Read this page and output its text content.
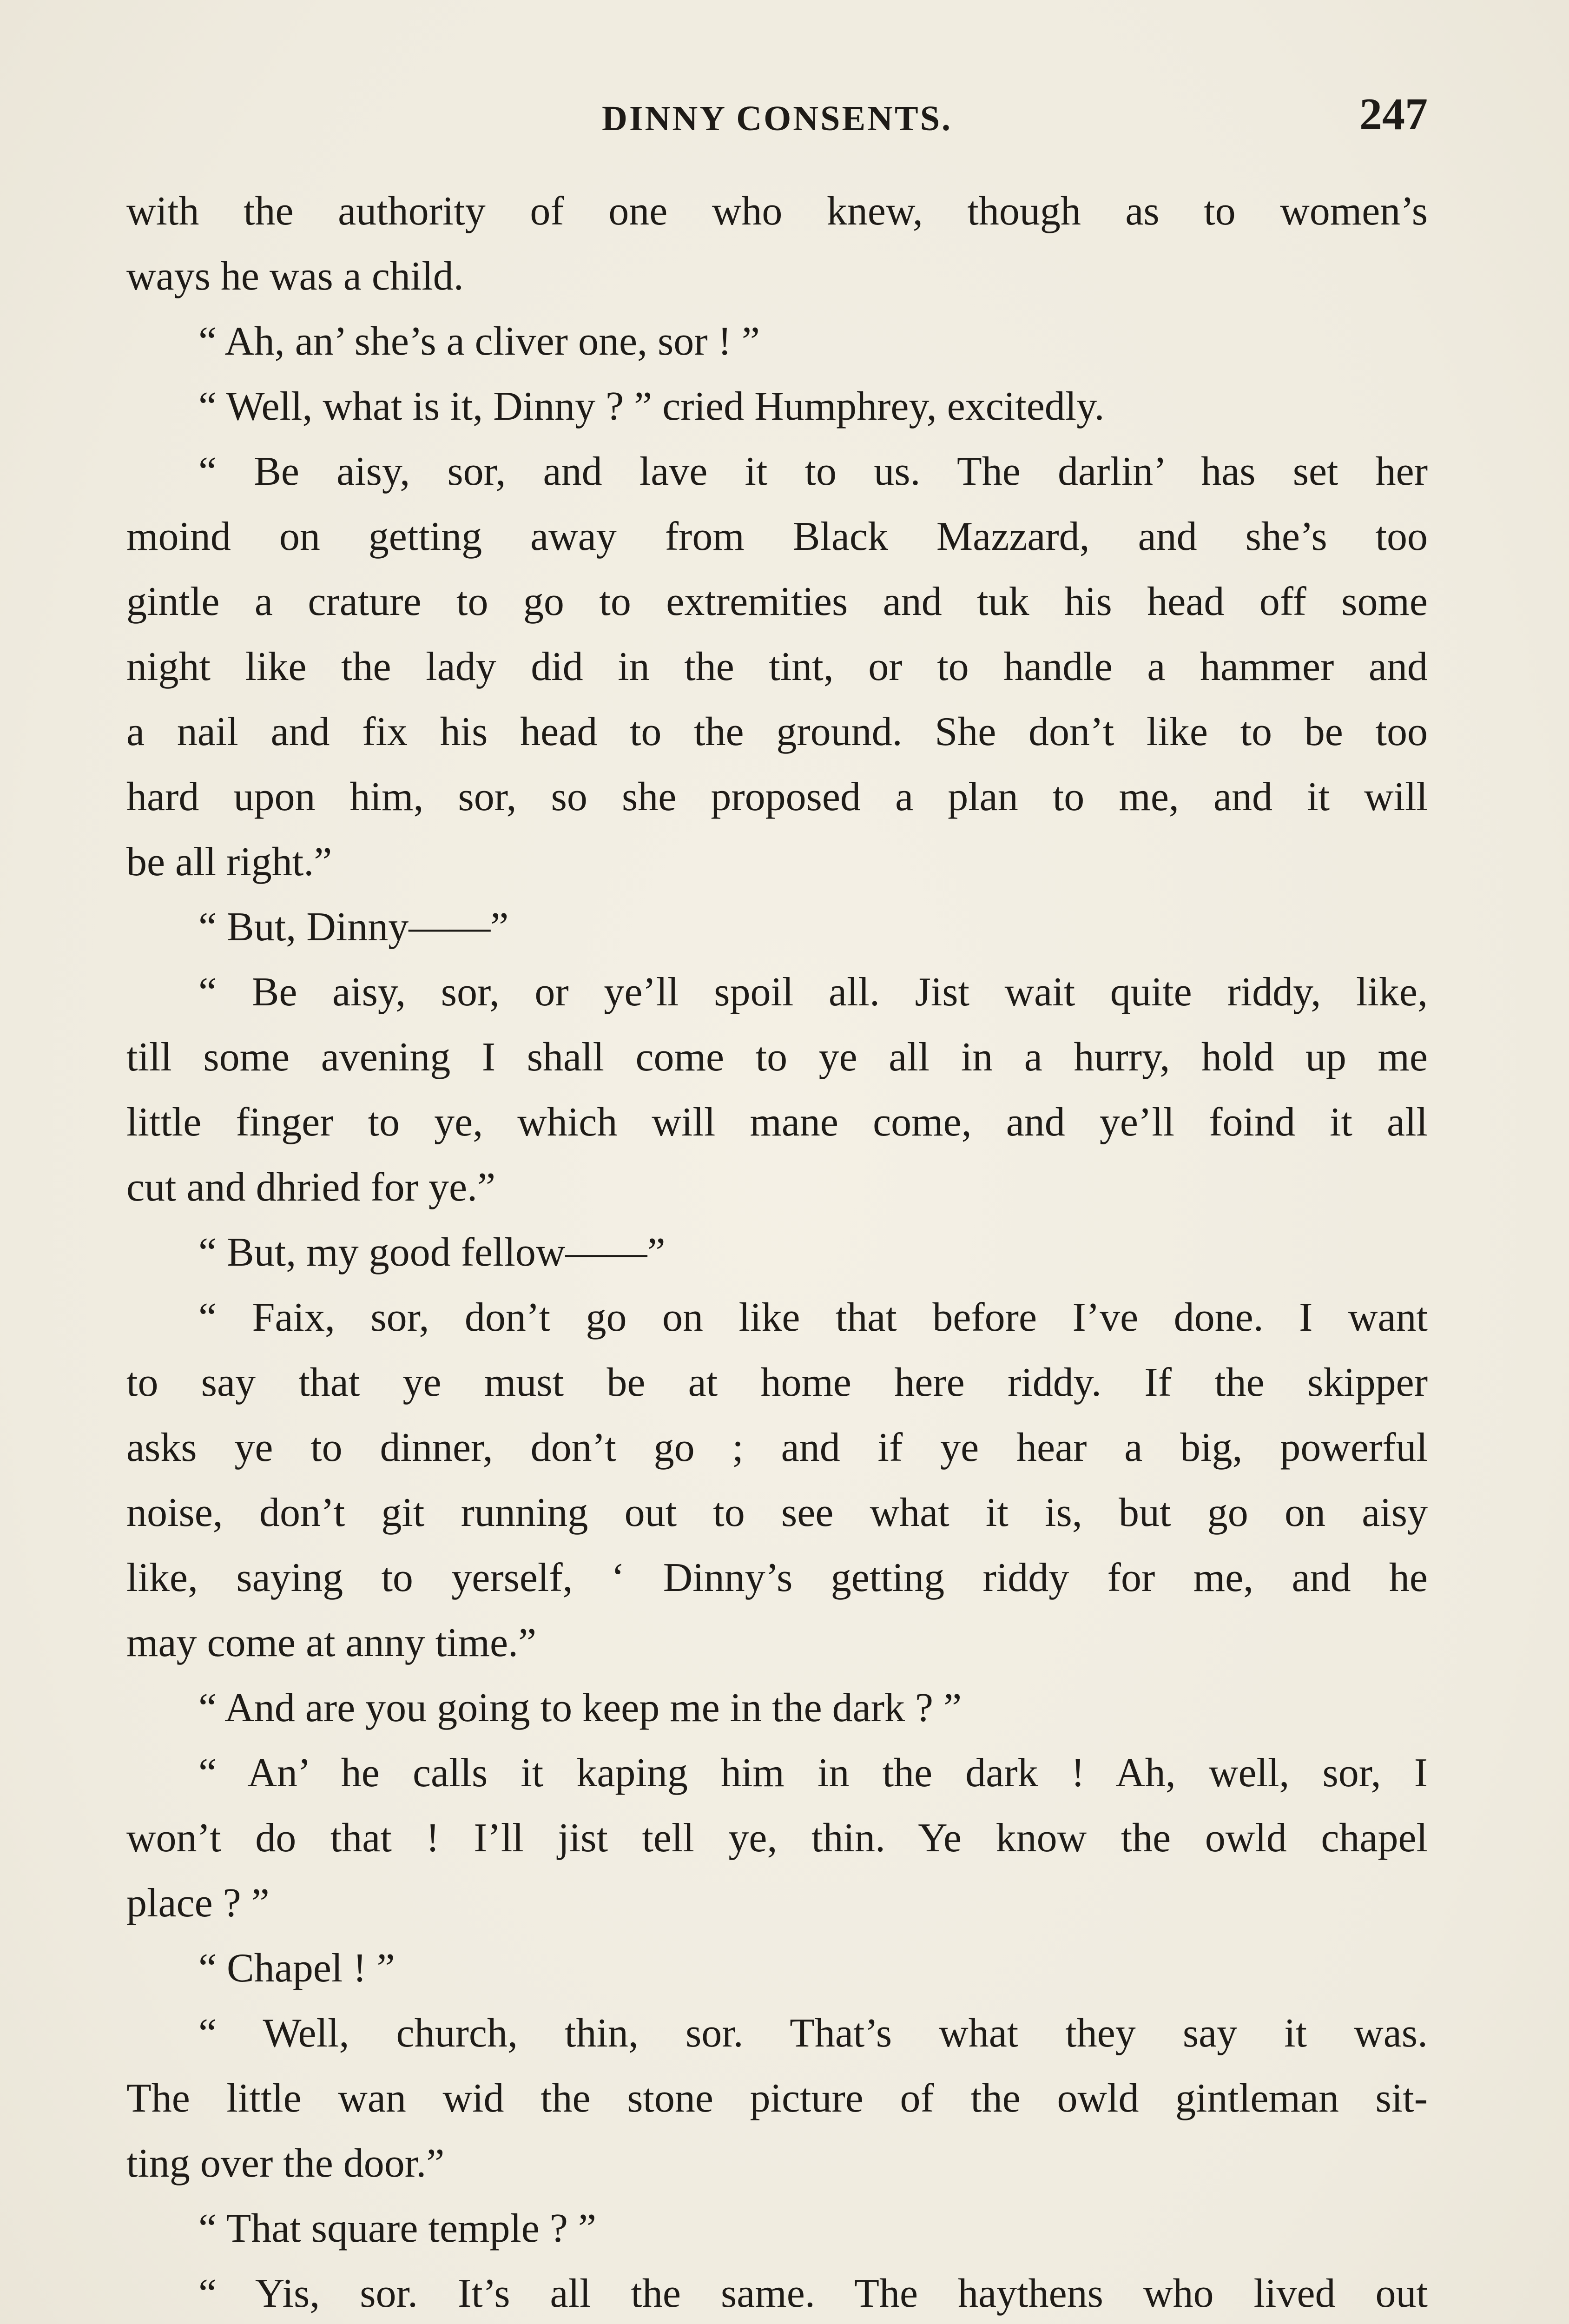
DINNY CONSENTS.	247
with the authority of one who knew, though as to women’s
ways he was a child.
“ Ah, an’ she’s a cliver one, sor ! ”
“ Well, what is it, Dinny ? ” cried Humphrey, excitedly.
“ Be aisy, sor, and lave it to us. The darlin’ has set her
moind on getting away from Black Mazzard, and she’s too
gintle a crature to go to extremities and tuk his head off some
night like the lady did in the tint, or to handle a hammer and
a nail and fix his head to the ground. She don’t like to be too
hard upon him, sor, so she proposed a plan to me, and it will
be all right.”
“ But, Dinny——”
“ Be aisy, sor, or ye’ll spoil all. Jist wait quite riddy, like,
till some avening I shall come to ye all in a hurry, hold up me
little finger to ye, which will mane come, and ye’ll foind it all
cut and dhried for ye.”
“ But, my good fellow——”
“ Faix, sor, don’t go on like that before I’ve done. I want
to say that ye must be at home here riddy. If the skipper
asks ye to dinner, don’t go ; and if ye hear a big, powerful
noise, don’t git running out to see what it is, but go on aisy
like, saying to yerself, ‘ Dinny’s getting riddy for me, and he
may come at anny time.”
“ And are you going to keep me in the dark ? ”
“ An’ he calls it kaping him in the dark ! Ah, well, sor, I
won’t do that ! I’ll jist tell ye, thin. Ye know the owld chapel
place ? ”
“ Chapel ! ”
“ Well, church, thin, sor. That’s what they say it was.
The little wan wid the stone picture of the owld gintleman sit-
ting over the door.”
“ That square temple ? ”
“ Yis, sor. It’s all the same. The haythens who lived out
